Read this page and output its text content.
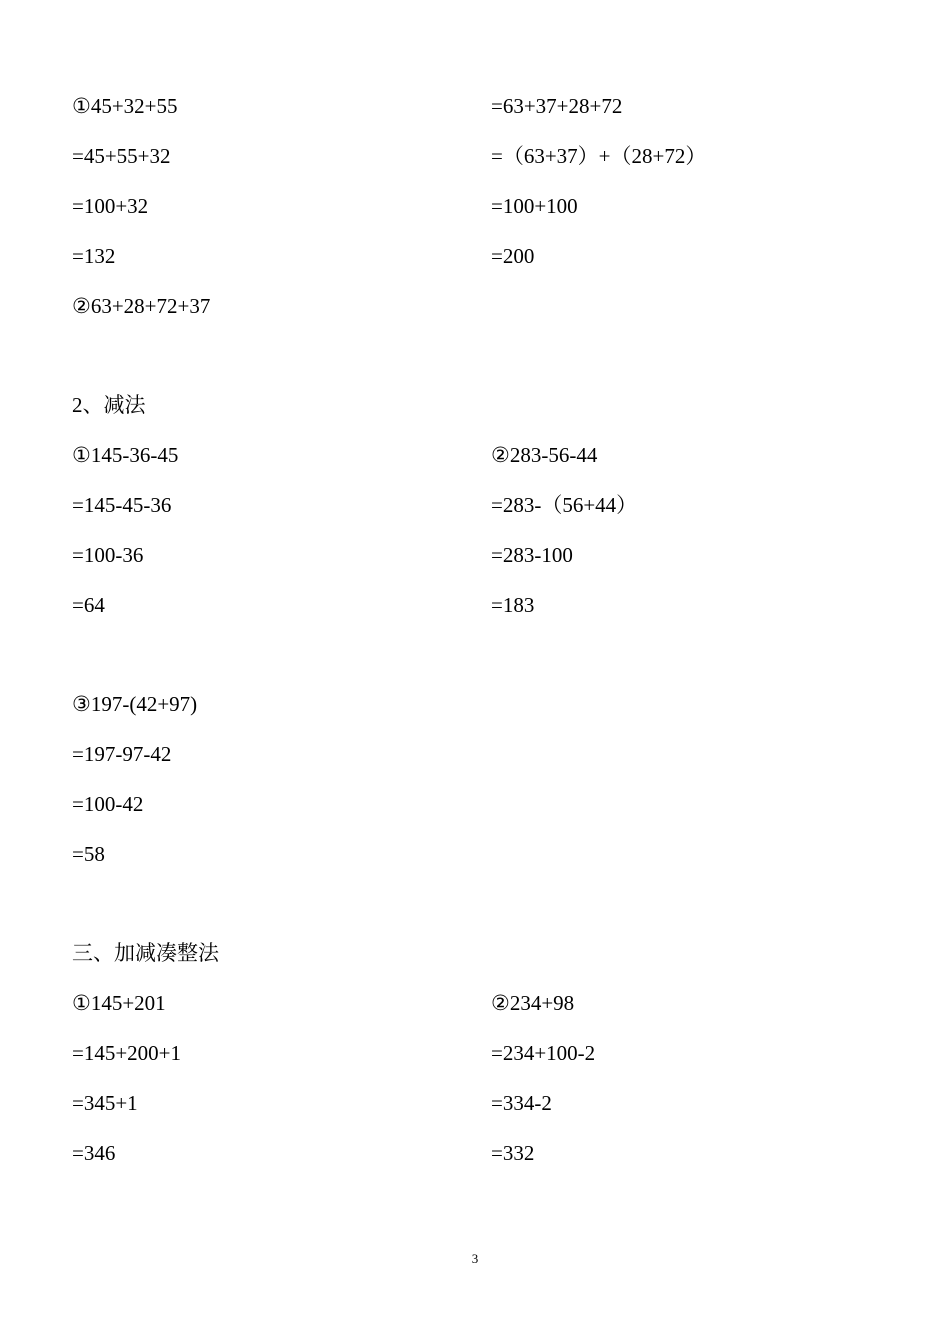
①45+32+55
=45+55+32
=100+32
=132
②63+28+72+37
=63+37+28+72
=（63+37）+（28+72）
=100+100
=200
2、减法
①145-36-45
=145-45-36
=100-36
=64
②283-56-44
=283-（56+44）
=283-100
=183
③197-(42+97)
=197-97-42
=100-42
=58
三、加减凑整法
①145+201
=145+200+1
=345+1
=346
②234+98
=234+100-2
=334-2
=332
3
